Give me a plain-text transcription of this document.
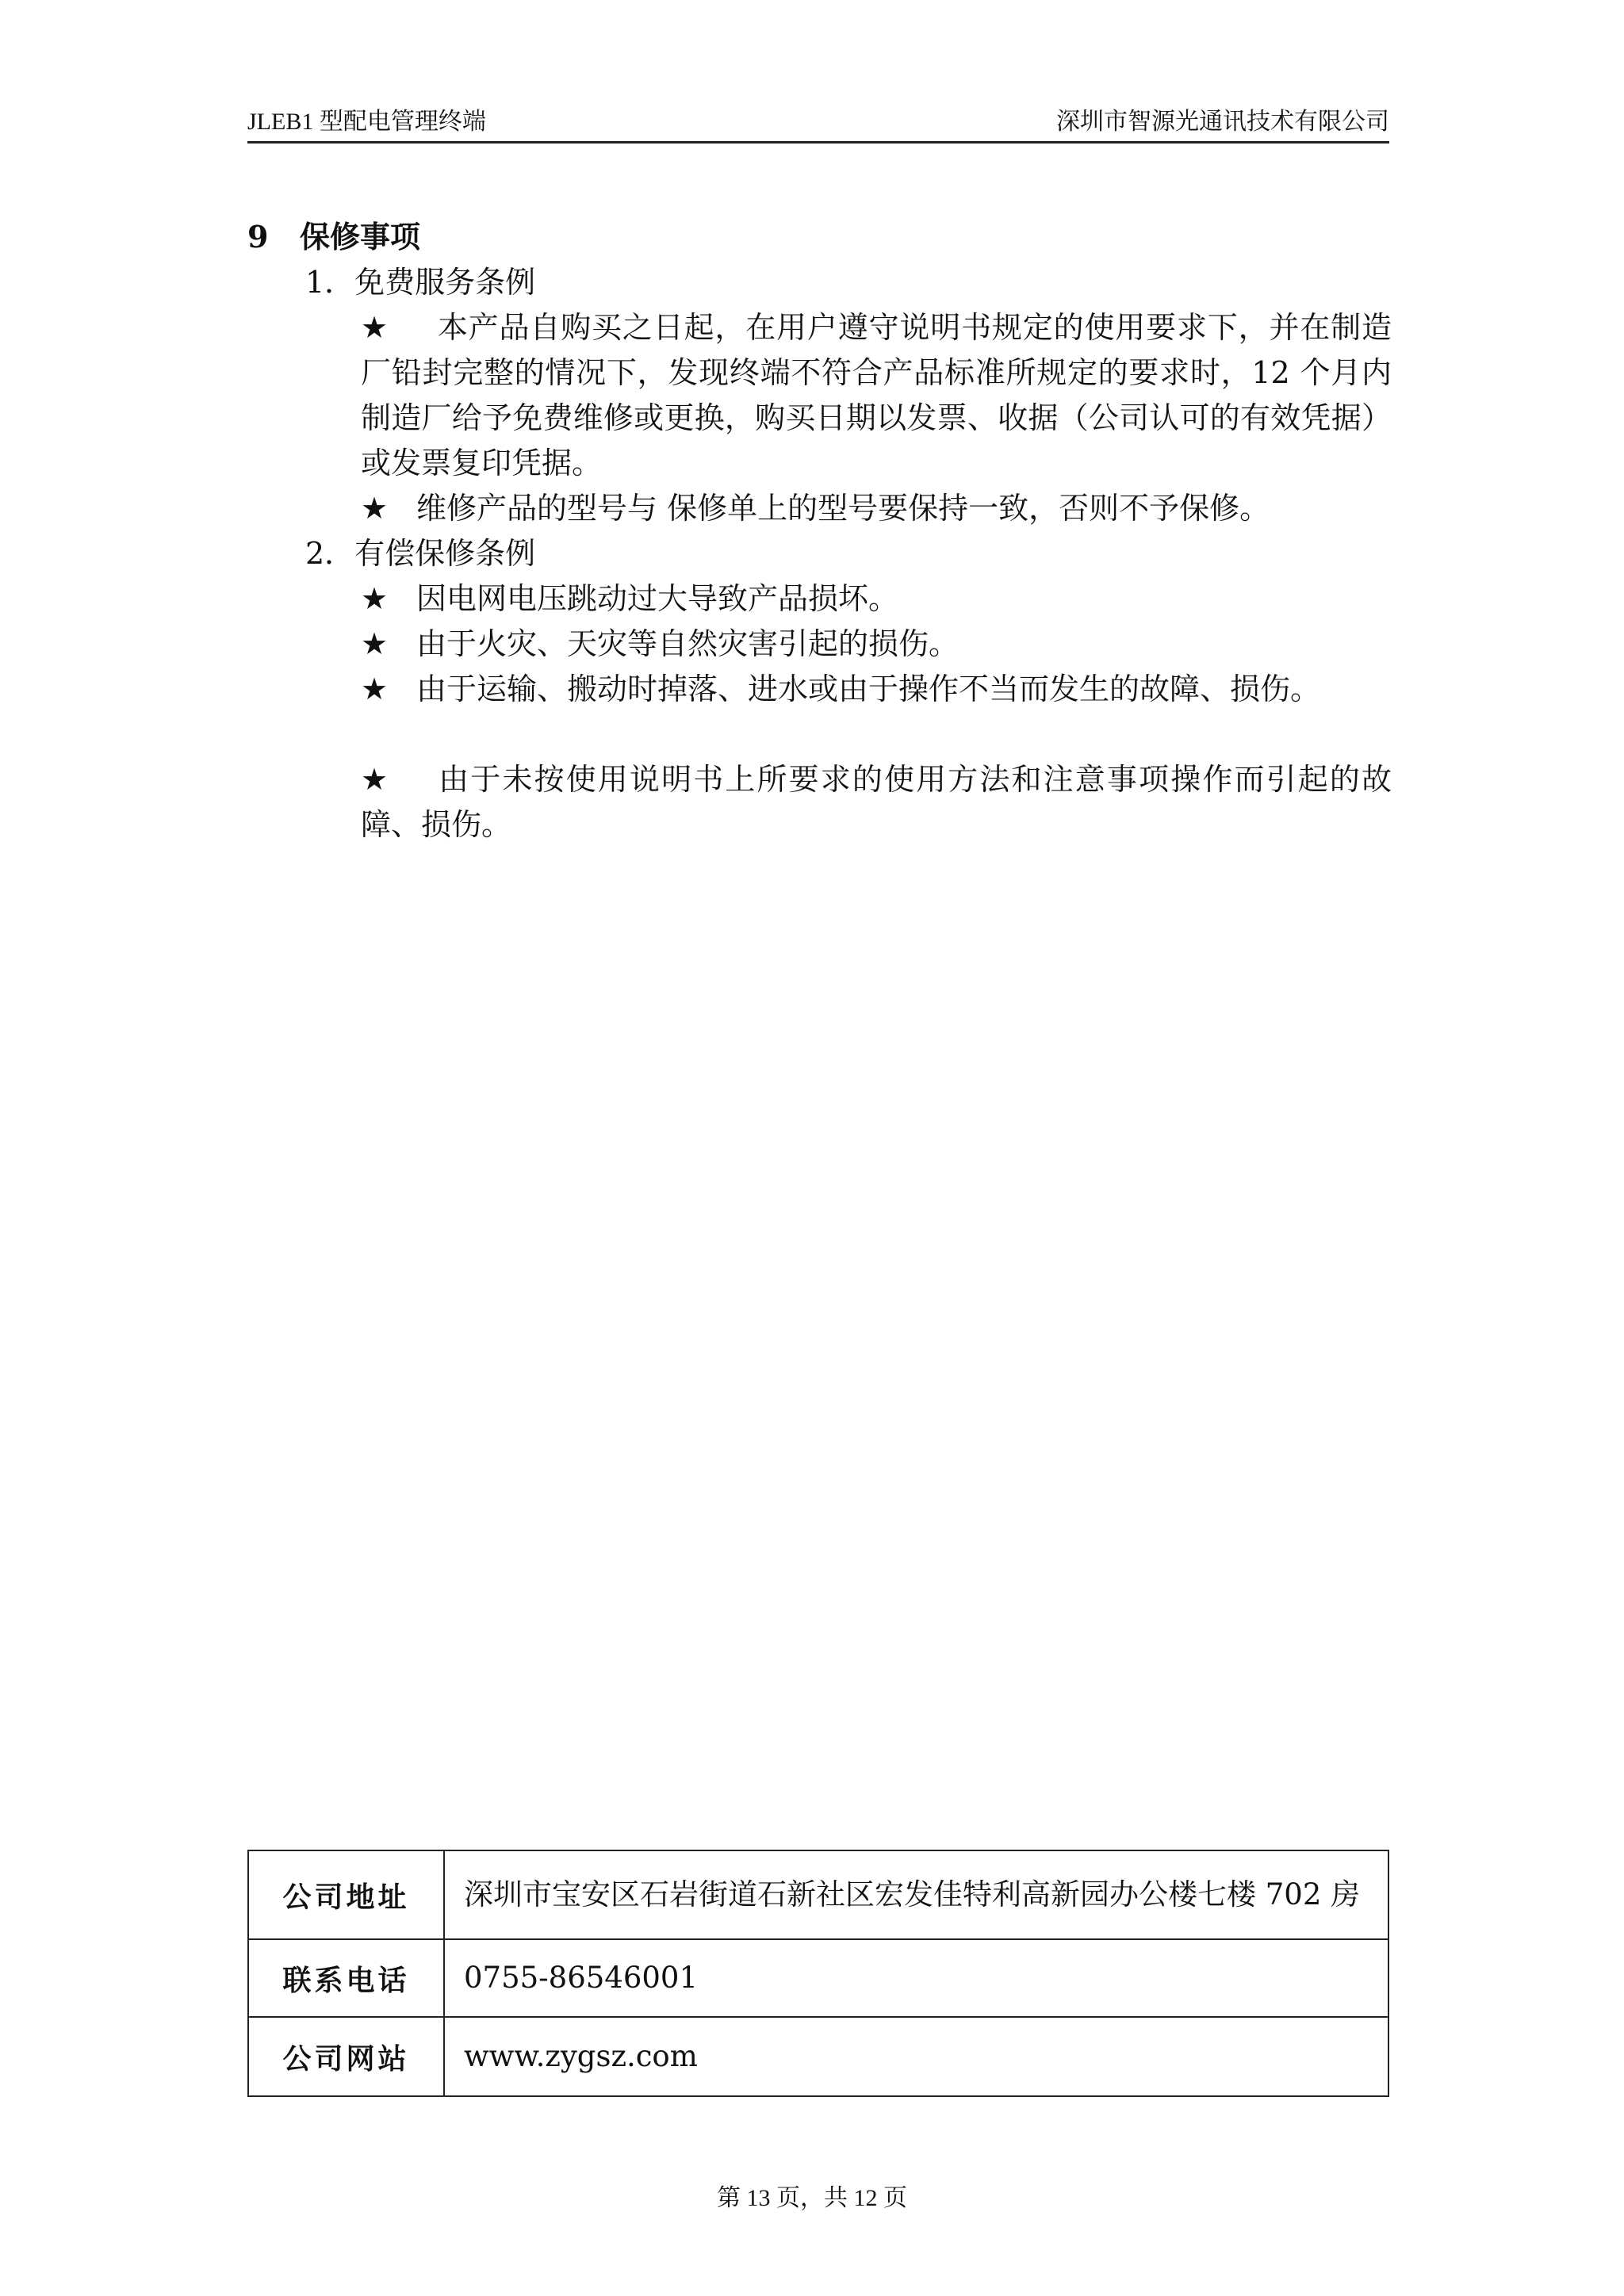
JLEB1 型配电管理终端	深圳市智源光通讯技术有限公司
9 保修事项

1．免费服务条例

★ 本产品自购买之日起，在用户遵守说明书规定的使用要求下，并在制造厂铅封完整的情况下，发现终端不符合产品标准所规定的要求时，12 个月内制造厂给予免费维修或更换，购买日期以发票、收据（公司认可的有效凭据）或发票复印凭据。

★ 维修产品的型号与 保修单上的型号要保持一致，否则不予保修。

2．有偿保修条例

★ 因电网电压跳动过大导致产品损坏。

★ 由于火灾、天灾等自然灾害引起的损伤。

★ 由于运输、搬动时掉落、进水或由于操作不当而发生的故障、损伤。

★ 由于未按使用说明书上所要求的使用方法和注意事项操作而引起的故障、损伤。

公司地址	深圳市宝安区石岩街道石新社区宏发佳特利高新园办公楼七楼 702 房
联系电话	0755-86546001
公司网站	www.zygsz.com
第 13 页，共 12 页
